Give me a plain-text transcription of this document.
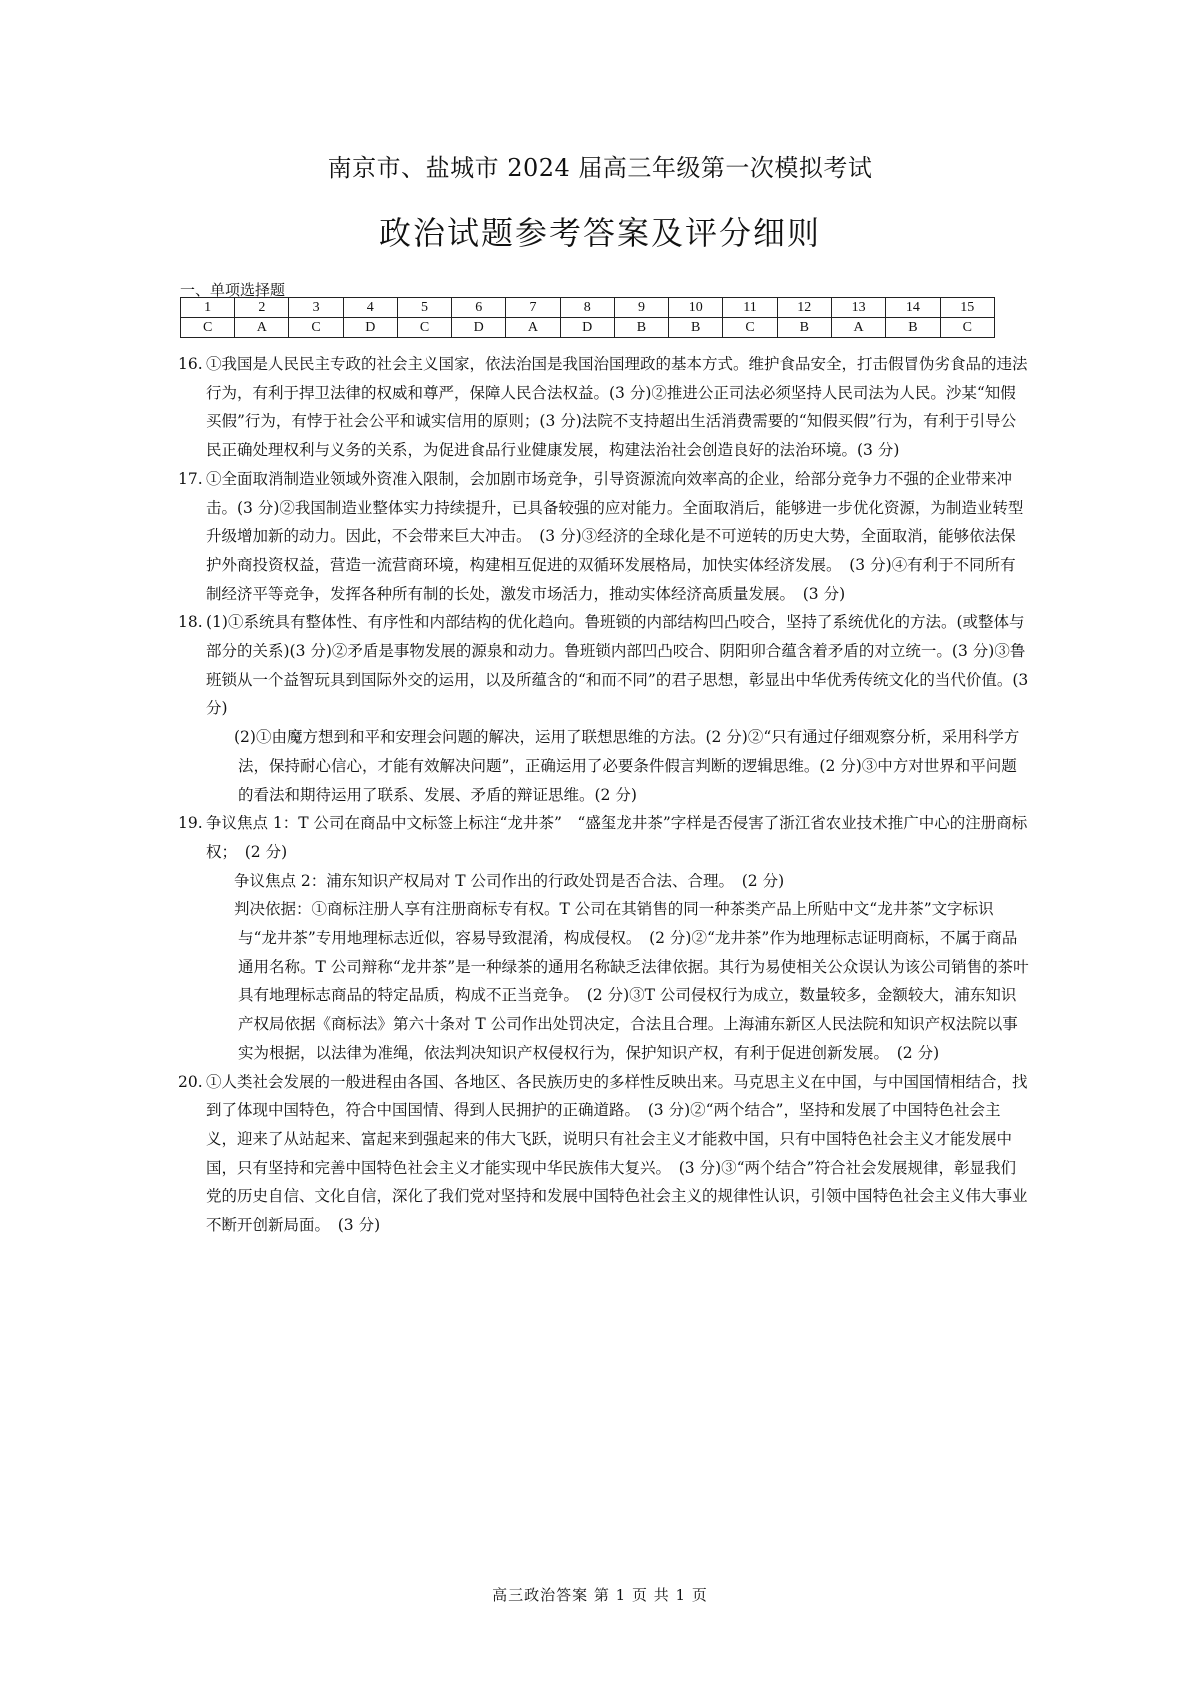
南京市、盐城市 2024 届高三年级第一次模拟考试
政治试题参考答案及评分细则
一、单项选择题
1	2	3	4	5	6	7	8	9	10	11	12	13	14	15
C	A	C	D	C	D	A	D	B	B	C	B	A	B	C
16. ①我国是人民民主专政的社会主义国家，依法治国是我国治国理政的基本方式。维护食品安全，打击假冒伪劣食品的违法行为，有利于捍卫法律的权威和尊严，保障人民合法权益。(3 分)②推进公正司法必须坚持人民司法为人民。沙某“知假买假”行为，有悖于社会公平和诚实信用的原则；(3 分)法院不支持超出生活消费需要的“知假买假”行为，有利于引导公民正确处理权利与义务的关系，为促进食品行业健康发展，构建法治社会创造良好的法治环境。(3 分)
17. ①全面取消制造业领域外资准入限制，会加剧市场竞争，引导资源流向效率高的企业，给部分竞争力不强的企业带来冲击。(3 分)②我国制造业整体实力持续提升，已具备较强的应对能力。全面取消后，能够进一步优化资源，为制造业转型升级增加新的动力。因此，不会带来巨大冲击。　(3 分)③经济的全球化是不可逆转的历史大势，全面取消，能够依法保护外商投资权益，营造一流营商环境，构建相互促进的双循环发展格局，加快实体经济发展。　(3 分)④有利于不同所有制经济平等竞争，发挥各种所有制的长处，激发市场活力，推动实体经济高质量发展。　(3 分)
18. (1)①系统具有整体性、有序性和内部结构的优化趋向。鲁班锁的内部结构凹凸咬合，坚持了系统优化的方法。(或整体与部分的关系)(3 分)②矛盾是事物发展的源泉和动力。鲁班锁内部凹凸咬合、阴阳卯合蕴含着矛盾的对立统一。(3 分)③鲁班锁从一个益智玩具到国际外交的运用，以及所蕴含的“和而不同”的君子思想，彰显出中华优秀传统文化的当代价值。(3 分)
(2)①由魔方想到和平和安理会问题的解决，运用了联想思维的方法。(2 分)②“只有通过仔细观察分析，采用科学方法，保持耐心信心，才能有效解决问题”，正确运用了必要条件假言判断的逻辑思维。(2 分)③中方对世界和平问题的看法和期待运用了联系、发展、矛盾的辩证思维。(2 分)
19. 争议焦点 1：T 公司在商品中文标签上标注“龙井茶”　“盛玺龙井茶”字样是否侵害了浙江省农业技术推广中心的注册商标权；　(2 分)
争议焦点 2：浦东知识产权局对 T 公司作出的行政处罚是否合法、合理。　(2 分)
判决依据：①商标注册人享有注册商标专有权。T 公司在其销售的同一种茶类产品上所贴中文“龙井茶”文字标识与“龙井茶”专用地理标志近似，容易导致混淆，构成侵权。　(2 分)②“龙井茶”作为地理标志证明商标，不属于商品通用名称。T 公司辩称“龙井茶”是一种绿茶的通用名称缺乏法律依据。其行为易使相关公众误认为该公司销售的茶叶具有地理标志商品的特定品质，构成不正当竞争。　(2 分)③T 公司侵权行为成立，数量较多，金额较大，浦东知识产权局依据《商标法》第六十条对 T 公司作出处罚决定，合法且合理。上海浦东新区人民法院和知识产权法院以事实为根据，以法律为准绳，依法判决知识产权侵权行为，保护知识产权，有利于促进创新发展。　(2 分)
20. ①人类社会发展的一般进程由各国、各地区、各民族历史的多样性反映出来。马克思主义在中国，与中国国情相结合，找到了体现中国特色，符合中国国情、得到人民拥护的正确道路。　(3 分)②“两个结合”，坚持和发展了中国特色社会主义，迎来了从站起来、富起来到强起来的伟大飞跃，说明只有社会主义才能救中国，只有中国特色社会主义才能发展中国，只有坚持和完善中国特色社会主义才能实现中华民族伟大复兴。　(3 分)③“两个结合”符合社会发展规律，彰显我们党的历史自信、文化自信，深化了我们党对坚持和发展中国特色社会主义的规律性认识，引领中国特色社会主义伟大事业不断开创新局面。　(3 分)
高三政治答案 第 1 页 共 1 页
